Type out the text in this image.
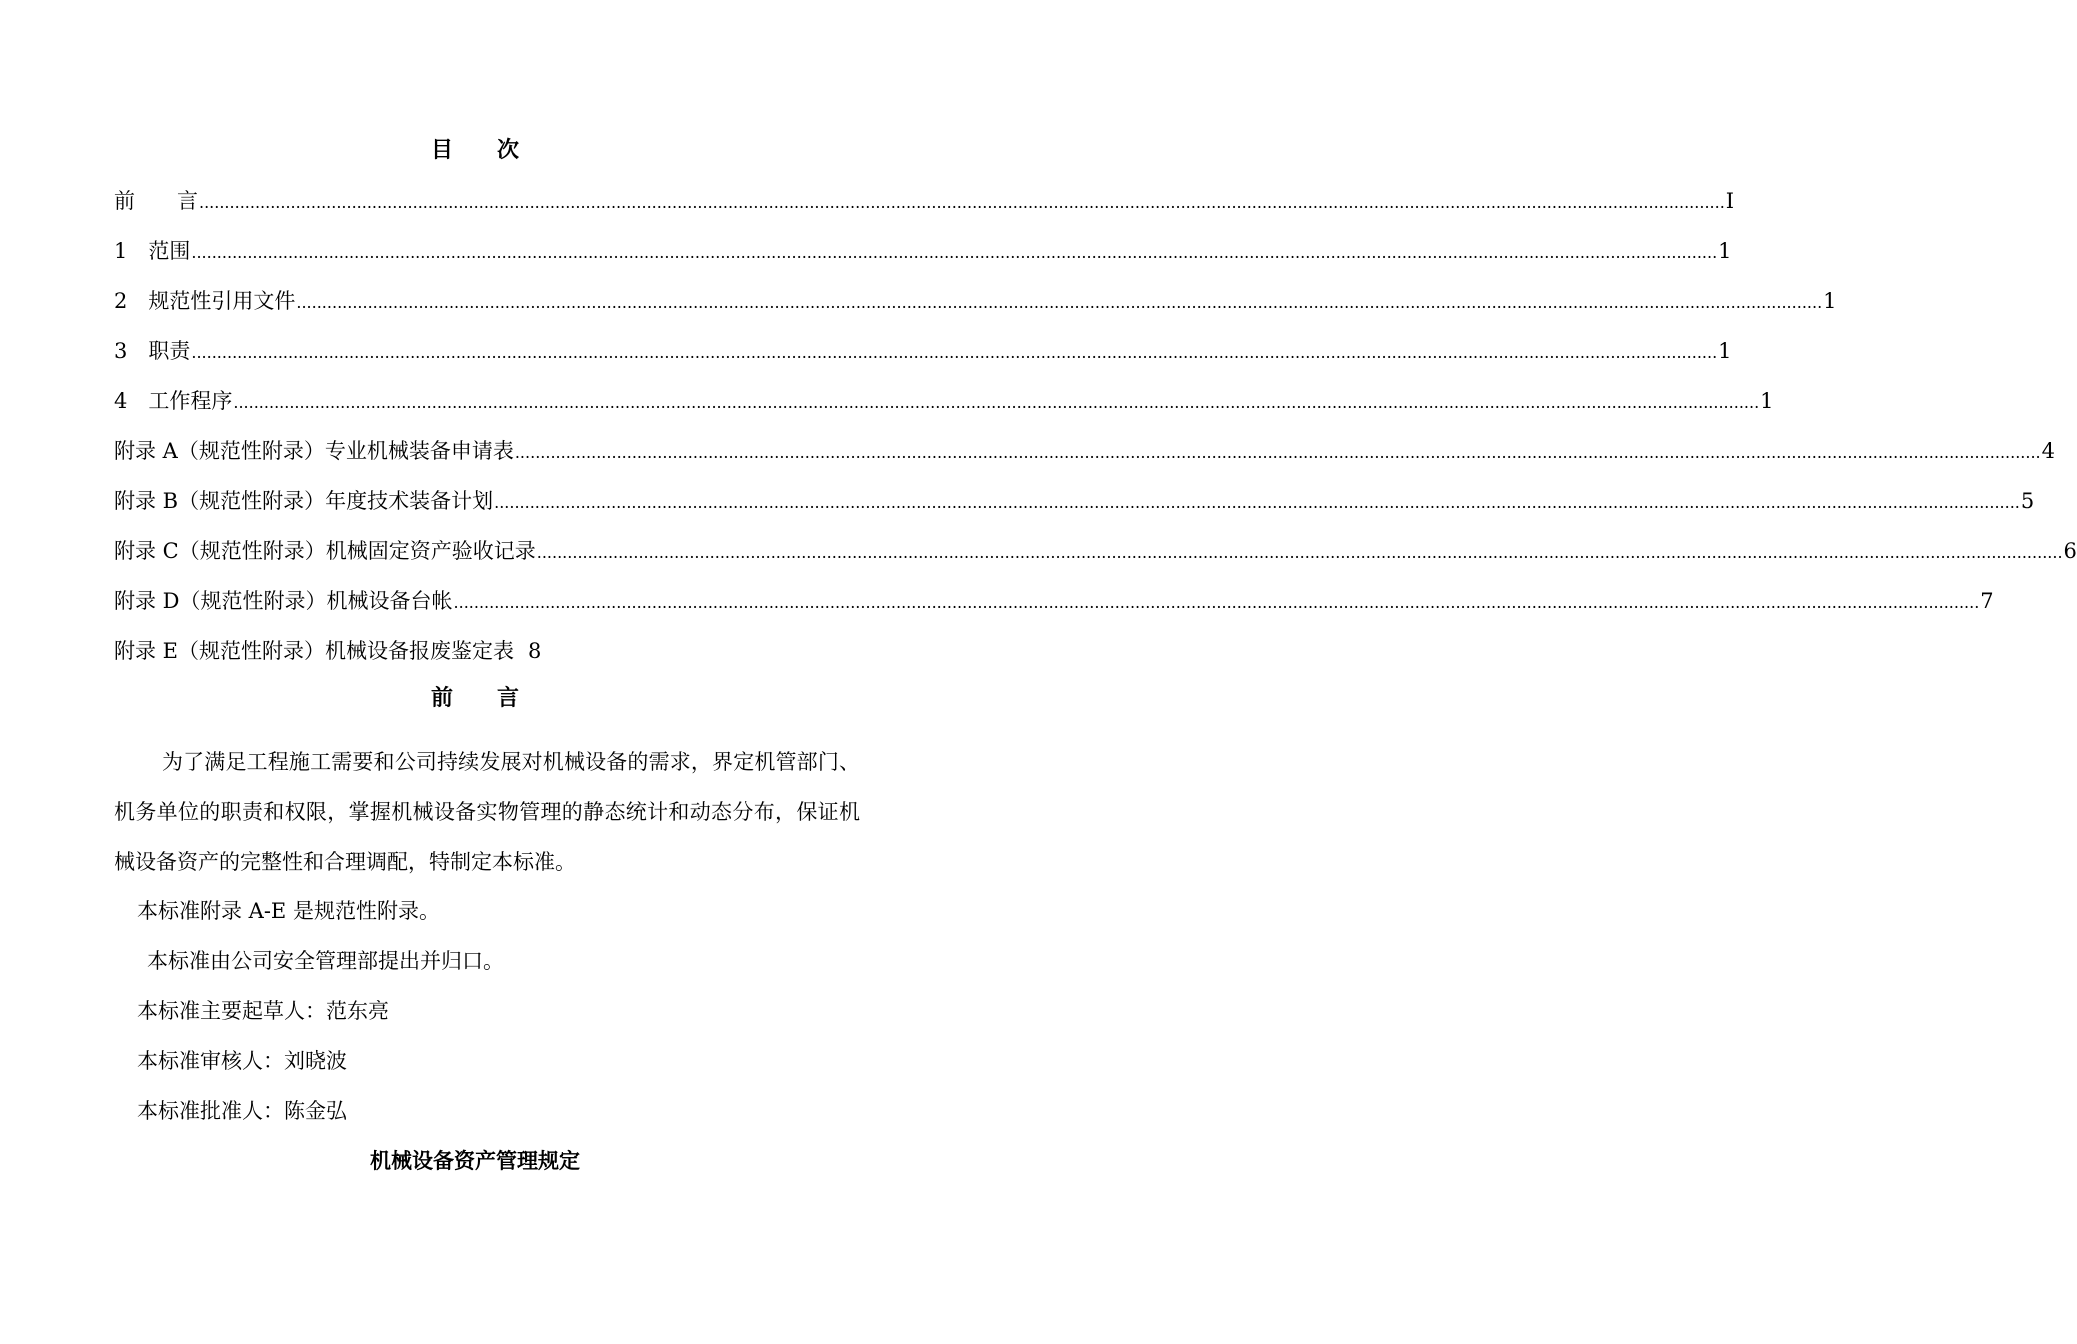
目　　次
前　　言 ............................................................................................................................................................................................................................................................................................................ I
1　范围 ............................................................................................................................................................................................................................................................................................................ 1
2　规范性引用文件 ............................................................................................................................................................................................................................................................................................................ 1
3　职责 ............................................................................................................................................................................................................................................................................................................ 1
4　工作程序 ............................................................................................................................................................................................................................................................................................................ 1
附录 A（规范性附录）专业机械装备申请表 ............................................................................................................................................................................................................................................................................................................ 4
附录 B（规范性附录）年度技术装备计划 ............................................................................................................................................................................................................................................................................................................ 5
附录 C（规范性附录）机械固定资产验收记录 ............................................................................................................................................................................................................................................................................................................ 6
附录 D（规范性附录）机械设备台帐 ............................................................................................................................................................................................................................................................................................................ 7
附录 E（规范性附录）机械设备报废鉴定表 8
前　　言

为了满足工程施工需要和公司持续发展对机械设备的需求，界定机管部门、机务单位的职责和权限，掌握机械设备实物管理的静态统计和动态分布，保证机械设备资产的完整性和合理调配，特制定本标准。

本标准附录 A-E 是规范性附录。
本标准由公司安全管理部提出并归口。
本标准主要起草人：范东亮
本标准审核人：刘晓波
本标准批准人：陈金弘
机械设备资产管理规定
